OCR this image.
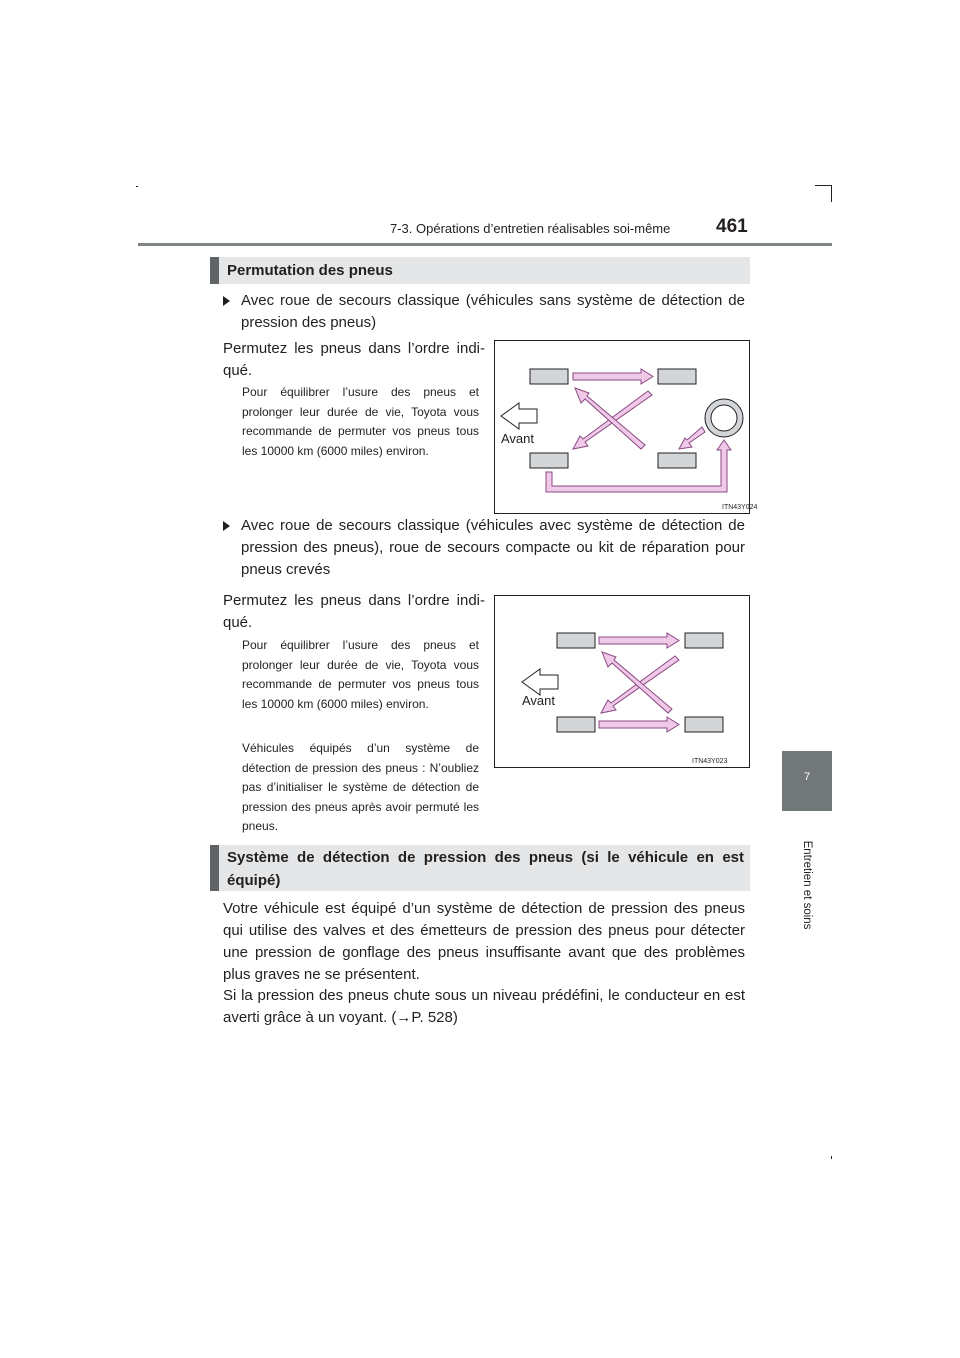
7-3. Opérations d’entretien réalisables soi-même 461
7
Entretien et soins
Permutation des pneus
Avec roue de secours classique (véhicules sans système de détection de pression des pneus)
Permutez les pneus dans l’ordre indiqué.
Pour équilibrer l’usure des pneus et prolonger leur durée de vie, Toyota vous recommande de permuter vos pneus tous les 10000 km (6000 miles) environ.
Avant
ITN43Y024
Avec roue de secours classique (véhicules avec système de détection de pression des pneus), roue de secours compacte ou kit de réparation pour pneus crevés
Permutez les pneus dans l’ordre indiqué.
Pour équilibrer l’usure des pneus et prolonger leur durée de vie, Toyota vous recommande de permuter vos pneus tous les 10000 km (6000 miles) environ.
Véhicules équipés d’un système de détection de pression des pneus : N’oubliez pas d’initialiser le système de détection de pression des pneus après avoir permuté les pneus.
Avant
ITN43Y023
Système de détection de pression des pneus (si le véhicule en est équipé)
Votre véhicule est équipé d’un système de détection de pression des pneus qui utilise des valves et des émetteurs de pression des pneus pour détecter une pression de gonflage des pneus insuffisante avant que des problèmes plus graves ne se présentent.
Si la pression des pneus chute sous un niveau prédéfini, le conducteur en est averti grâce à un voyant. (→P. 528)
